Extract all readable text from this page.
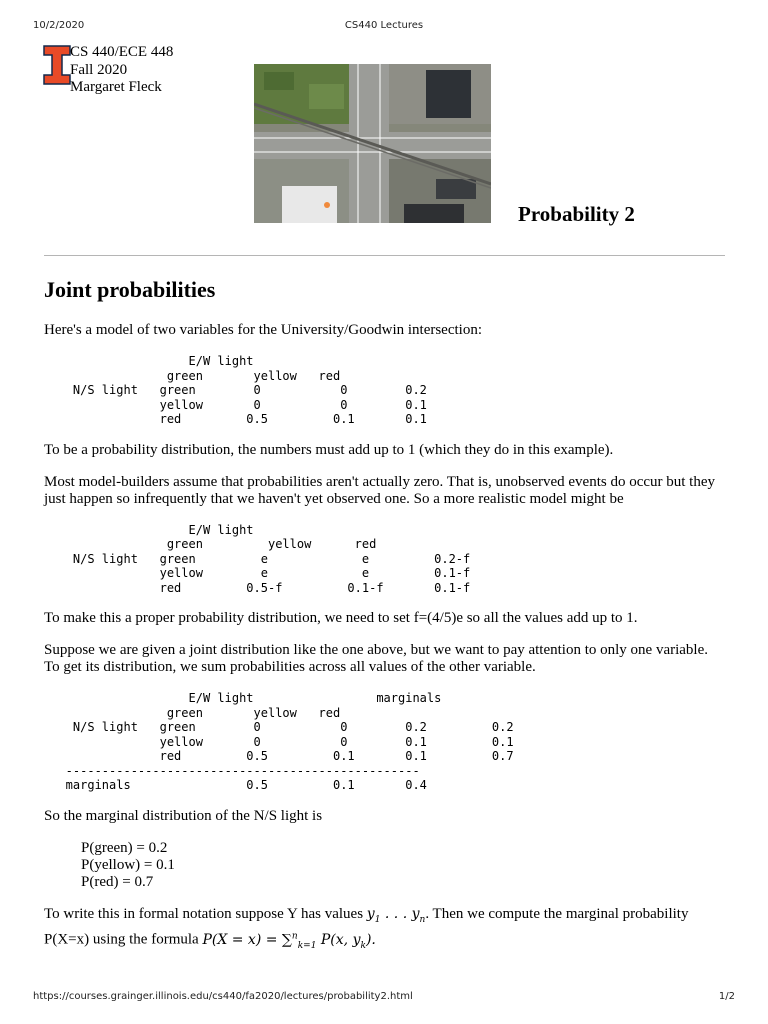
10/2/2020	CS440 Lectures
CS 440/ECE 448
Fall 2020
Margaret Fleck
Probability 2
Joint probabilities

Here's a model of two variables for the University/Goodwin intersection:

E/W light
green       yellow   red
N/S light   green        0           0        0.2
yellow       0           0        0.1
red         0.5         0.1       0.1

To be a probability distribution, the numbers must add up to 1 (which they do in this example).

Most model-builders assume that probabilities aren't actually zero. That is, unobserved events do occur but they just happen so infrequently that we haven't yet observed one. So a more realistic model might be

E/W light
green         yellow      red
N/S light   green         e             e         0.2-f
yellow        e             e         0.1-f
red         0.5-f         0.1-f       0.1-f

To make this a proper probability distribution, we need to set f=(4/5)e so all the values add up to 1.

Suppose we are given a joint distribution like the one above, but we want to pay attention to only one variable. To get its distribution, we sum probabilities across all values of the other variable.

E/W light                 marginals
green       yellow   red
N/S light   green        0           0        0.2         0.2
yellow       0           0        0.1         0.1
red         0.5         0.1       0.1         0.7
-------------------------------------------------
marginals                0.5         0.1       0.4

So the marginal distribution of the N/S light is

P(green) = 0.2
P(yellow) = 0.1
P(red) = 0.7

To write this in formal notation suppose Y has values $y_1$ . . . $y_n$. Then we compute the marginal probability P(X=x) using the formula P(X = x) = ∑$^n_{k=1}$ P(x, $y_k$).

https://courses.grainger.illinois.edu/cs440/fa2020/lectures/probability2.html	1/2
